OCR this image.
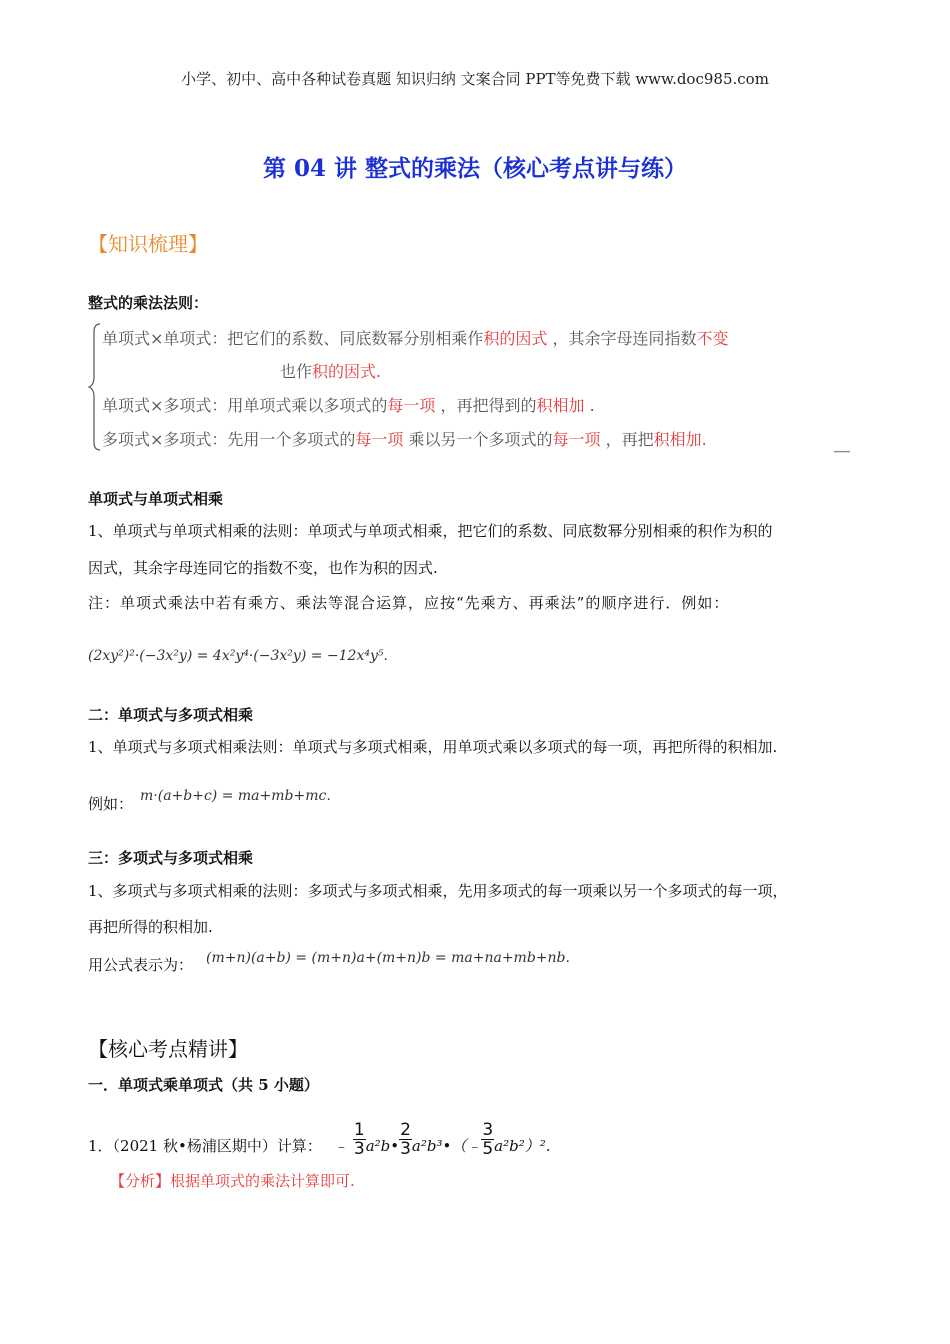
小学、初中、高中各种试卷真题 知识归纳 文案合同 PPT等免费下载 www.doc985.com
第 04 讲 整式的乘法（核心考点讲与练）
【知识梳理】
整式的乘法法则：
单项式×单项式：把它们的系数、同底数幂分别相乘作积的因式 ，其余字母连同指数不变
也作积的因式.
单项式×多项式：用单项式乘以多项式的每一项 ，再把得到的积相加 .
多项式×多项式：先用一个多项式的每一项 乘以另一个多项式的每一项 ，再把积相加.	＿
单项式与单项式相乘
1、单项式与单项式相乘的法则：单项式与单项式相乘，把它们的系数、同底数幂分别相乘的积作为积的
因式，其余字母连同它的指数不变，也作为积的因式.
注：单项式乘法中若有乘方、乘法等混合运算，应按“先乘方、再乘法”的顺序进行．例如：
(2xy²)²·(−3x²y) = 4x²y⁴·(−3x²y) = −12x⁴y⁵.
二：单项式与多项式相乘
1、单项式与多项式相乘法则：单项式与多项式相乘，用单项式乘以多项式的每一项，再把所得的积相加.
例如： m·(a+b+c) = ma+mb+mc.
三：多项式与多项式相乘
1、多项式与多项式相乘的法则：多项式与多项式相乘，先用多项式的每一项乘以另一个多项式的每一项，
再把所得的积相加.
用公式表示为： (m+n)(a+b) = (m+n)a+(m+n)b = ma+na+mb+nb.
【核心考点精讲】
一．单项式乘单项式（共 5 小题）
1．（2021 秋•杨浦区期中）计算： ﹣ $\frac{1}{3}$ a²b• $\frac{2}{3}$ a²b³•（﹣ $\frac{3}{5} a^2b^2)^2$.
【分析】根据单项式的乘法计算即可.
